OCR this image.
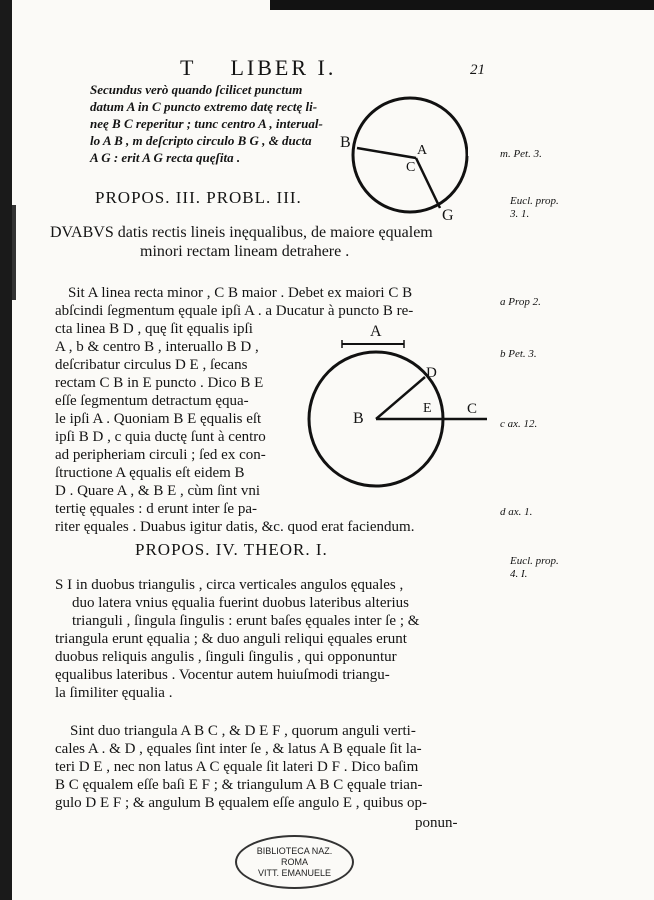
T LIBER I.	21
Secundus verò quando ſcilicet punctum
datum A in C puncto extremo datę rectę li-
neę B C reperitur ; tunc centro A , interual-
lo A B , m deſcripto circulo B G , & ducta
A G : erit A G recta quęſita .
B	A
C
G
m. Pet. 3.
Eucl. prop.
3. 1.
a Prop 2.
b Pet. 3.
c ax. 12.
d ax. 1.
Eucl. prop.
4. I.
PROPOS. III. PROBL. III.
DVABVS datis rectis lineis inęqualibus, de maiore ęqualem
minori rectam lineam detrahere .
Sit A linea recta minor , C B maior . Debet ex maiori C B
abſcindi ſegmentum ęquale ipſi A . a Ducatur à puncto B re-
cta linea B D , quę ſit ęqualis ipſi
A , b & centro B , interuallo B D ,
deſcribatur circulus D E , ſecans
rectam C B in E puncto . Dico B E
eſſe ſegmentum detractum ęqua-
le ipſi A . Quoniam B E ęqualis eſt
ipſi B D , c quia ductę ſunt à centro
ad peripheriam circuli ; ſed ex con-
ſtructione A ęqualis eſt eidem B
D . Quare A , & B E , cùm ſint vni
tertię ęquales : d erunt inter ſe pa-
riter ęquales . Duabus igitur datis, &c. quod erat faciendum.
A
D
B
E C
PROPOS. IV. THEOR. I.
S I in duobus triangulis , circa verticales angulos ęquales ,
duo latera vnius ęqualia fuerint duobus lateribus alterius
trianguli , ſingula ſingulis : erunt baſes ęquales inter ſe ; &
triangula erunt ęqualia ; & duo anguli reliqui ęquales erunt
duobus reliquis angulis , ſinguli ſingulis , qui opponuntur
ęqualibus lateribus . Vocentur autem huiuſmodi triangu-
la ſimiliter ęqualia .
Sint duo triangula A B C , & D E F , quorum anguli verti-
cales A . & D , ęquales ſint inter ſe , & latus A B ęquale ſit la-
teri D E , nec non latus A C ęquale ſit lateri D F . Dico baſim
B C ęqualem eſſe baſi E F ; & triangulum A B C ęquale trian-
gulo D E F ; & angulum B ęqualem eſſe angulo E , quibus op-
ponun-
BIBLIOTECA NAZ.
ROMA
VITT. EMANUELE
